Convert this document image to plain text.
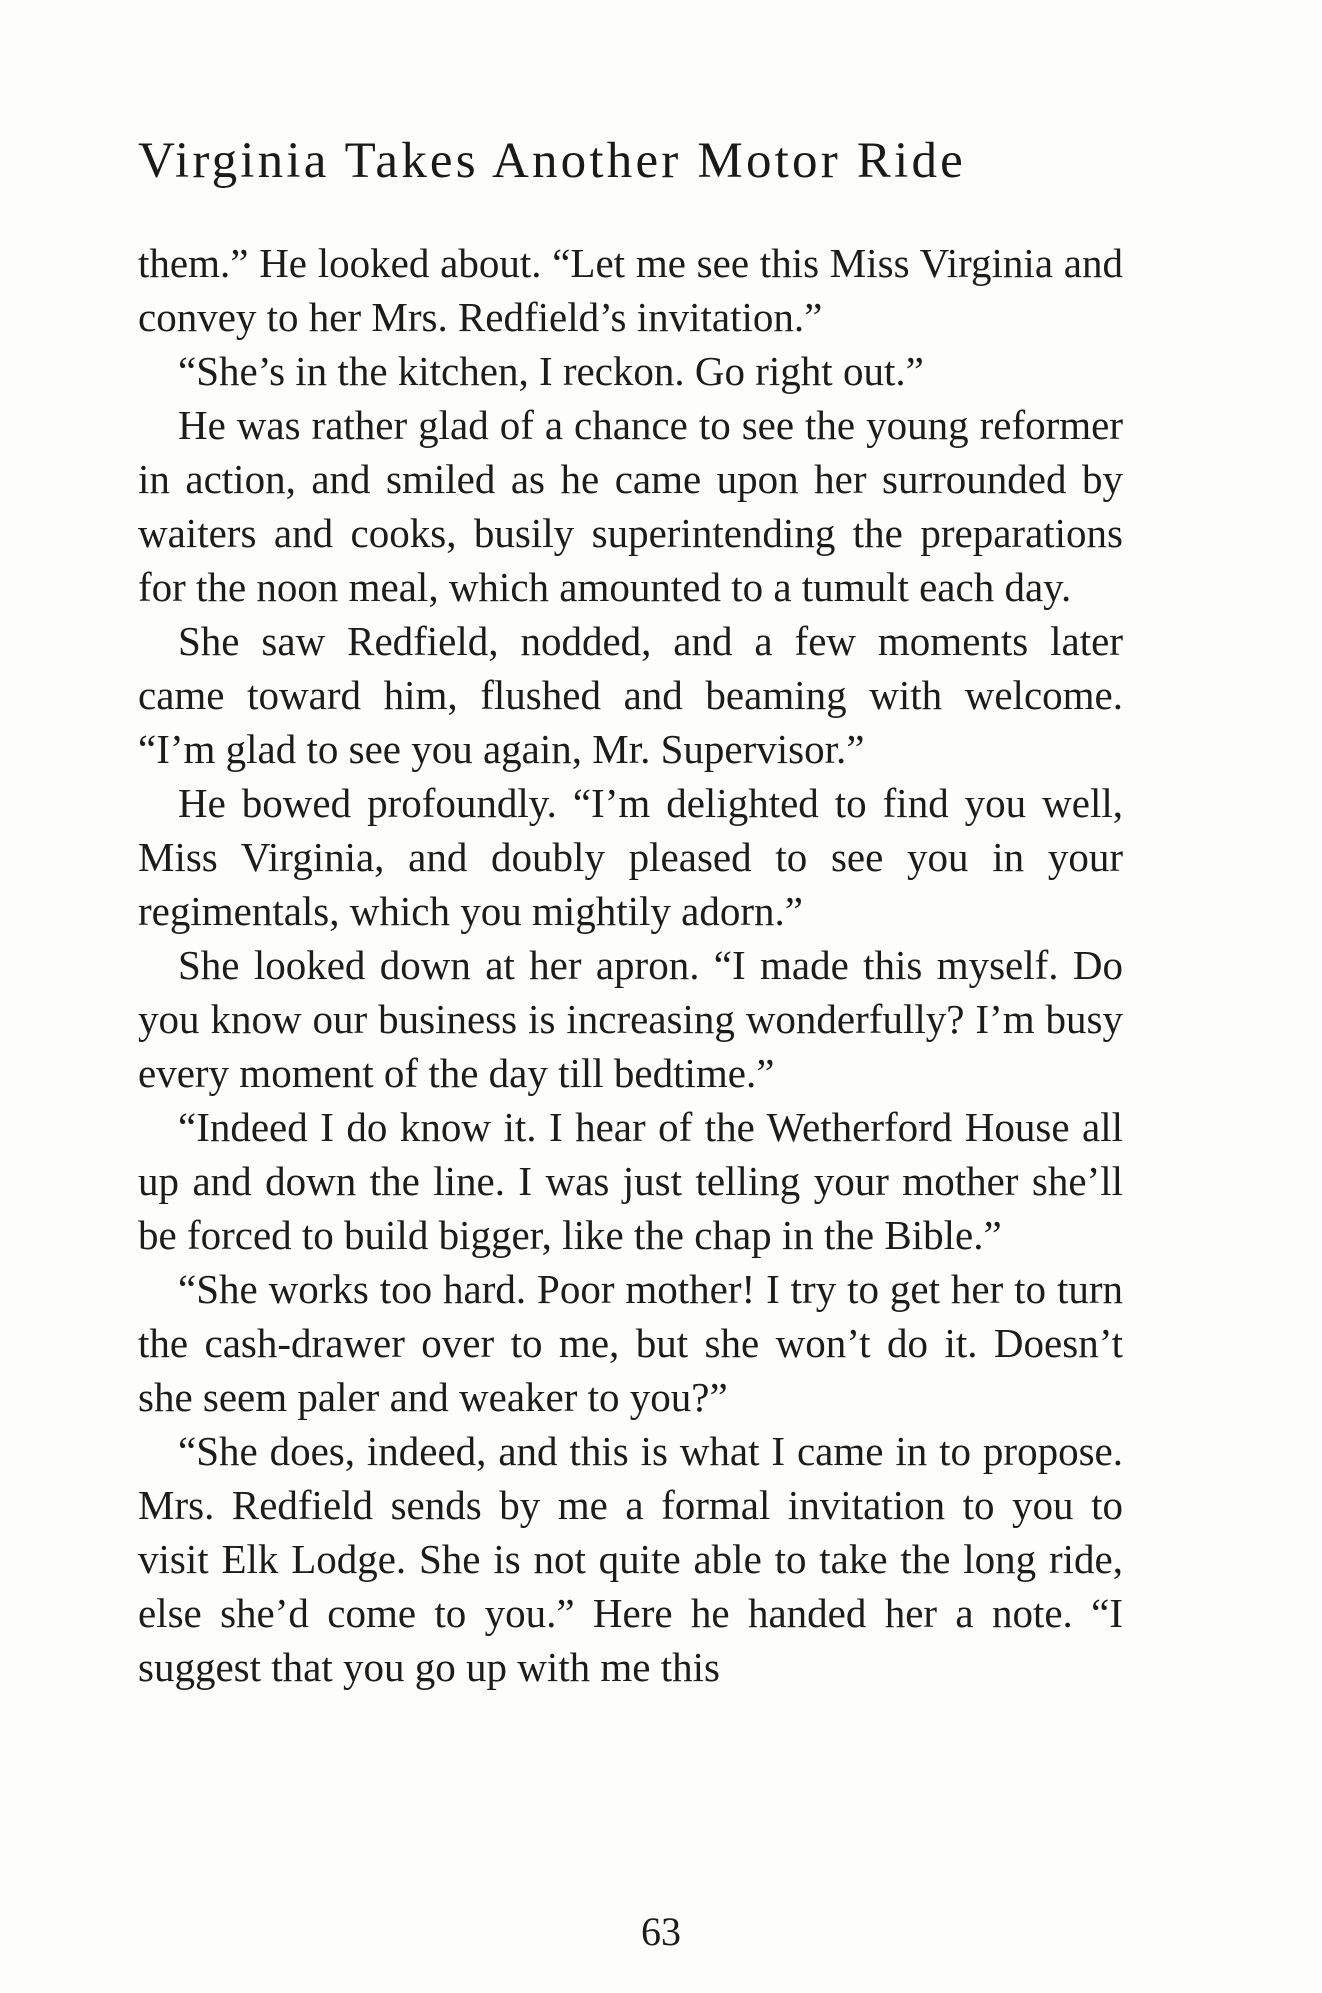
Virginia Takes Another Motor Ride

them.” He looked about. “Let me see this Miss Virginia and convey to her Mrs. Redfield’s invitation.”

“She’s in the kitchen, I reckon. Go right out.”

He was rather glad of a chance to see the young reformer in action, and smiled as he came upon her surrounded by waiters and cooks, busily superintending the preparations for the noon meal, which amounted to a tumult each day.

She saw Redfield, nodded, and a few moments later came toward him, flushed and beaming with welcome. “I’m glad to see you again, Mr. Supervisor.”

He bowed profoundly. “I’m delighted to find you well, Miss Virginia, and doubly pleased to see you in your regimentals, which you mightily adorn.”

She looked down at her apron. “I made this myself. Do you know our business is increasing wonderfully? I’m busy every moment of the day till bedtime.”

“Indeed I do know it. I hear of the Wetherford House all up and down the line. I was just telling your mother she’ll be forced to build bigger, like the chap in the Bible.”

“She works too hard. Poor mother! I try to get her to turn the cash-drawer over to me, but she won’t do it. Doesn’t she seem paler and weaker to you?”

“She does, indeed, and this is what I came in to propose. Mrs. Redfield sends by me a formal invitation to you to visit Elk Lodge. She is not quite able to take the long ride, else she’d come to you.” Here he handed her a note. “I suggest that you go up with me this

63
